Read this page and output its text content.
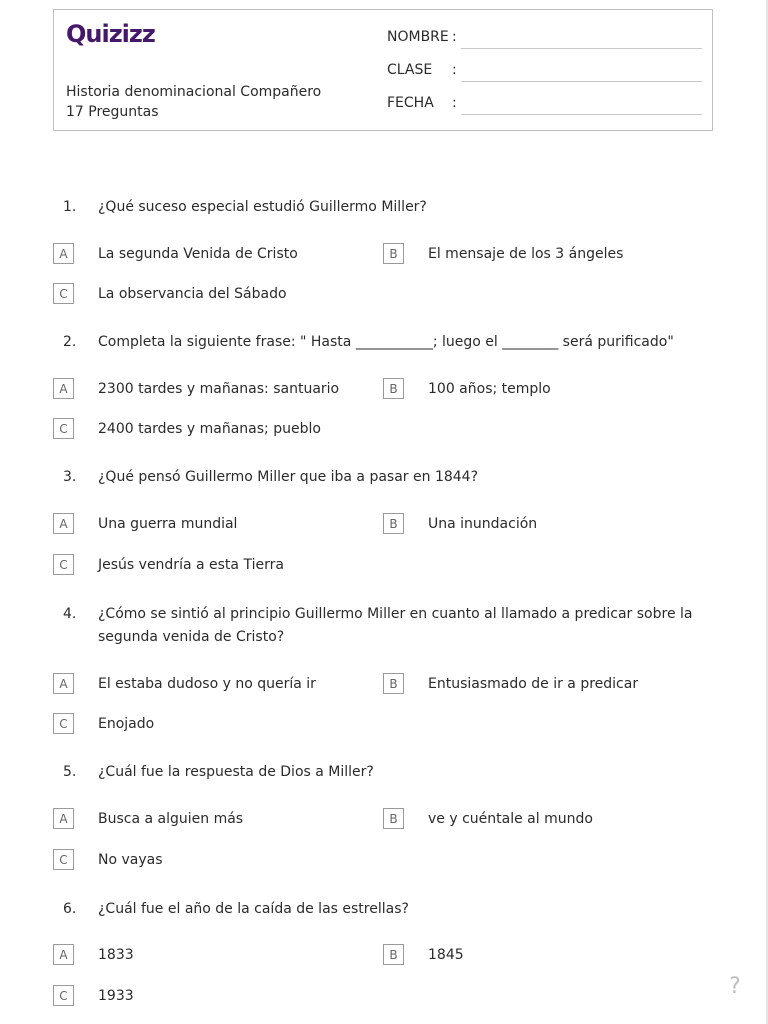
Quizizz
Historia denominacional Compañero
17 Preguntas
NOMBRE :
CLASE :
FECHA :
1.	¿Qué suceso especial estudió Guillermo Miller?
A	La segunda Venida de Cristo	B	El mensaje de los 3 ángeles
C	La observancia del Sábado
2.	Completa la siguiente frase: " Hasta ___________; luego el ________ será purificado"
A	2300 tardes y mañanas: santuario	B	100 años; templo
C	2400 tardes y mañanas; pueblo
3.	¿Qué pensó Guillermo Miller que iba a pasar en 1844?
A	Una guerra mundial	B	Una inundación
C	Jesús vendría a esta Tierra
4.	¿Cómo se sintió al principio Guillermo Miller en cuanto al llamado a predicar sobre la
segunda venida de Cristo?
A	El estaba dudoso y no quería ir	B	Entusiasmado de ir a predicar
C	Enojado
5.	¿Cuál fue la respuesta de Dios a Miller?
A	Busca a alguien más	B	ve y cuéntale al mundo
C	No vayas
6.	¿Cuál fue el año de la caída de las estrellas?
A	1833	B	1845
C	1933	?
